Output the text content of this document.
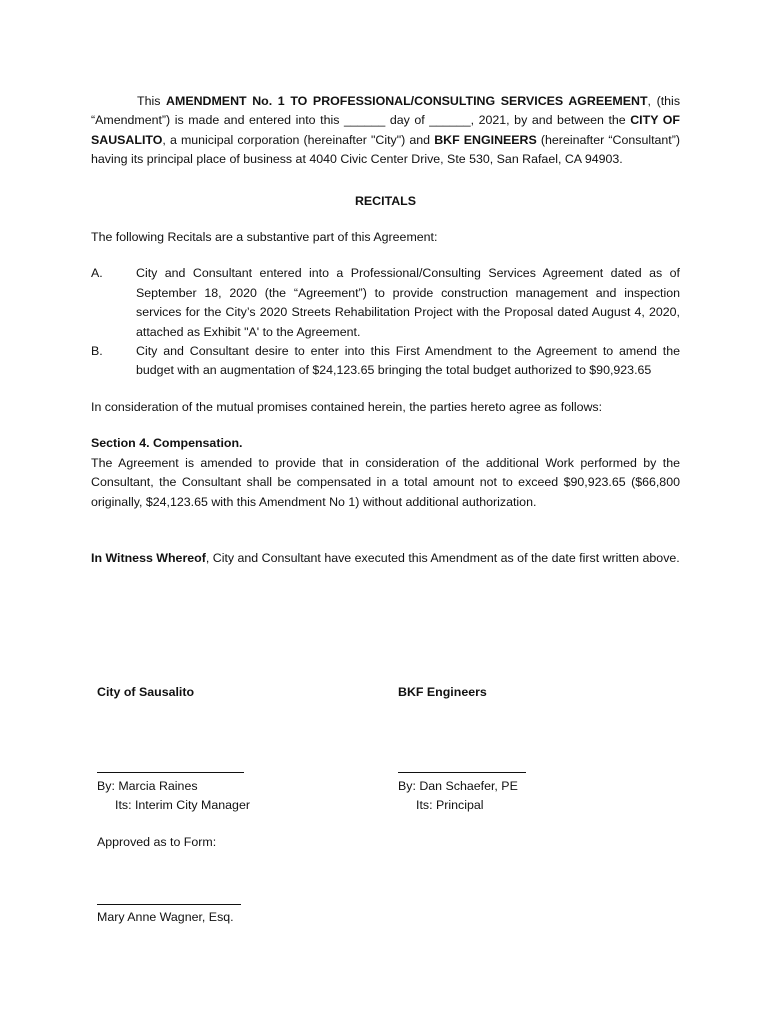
This AMENDMENT No. 1 TO PROFESSIONAL/CONSULTING SERVICES AGREEMENT, (this “Amendment”) is made and entered into this ______ day of ______, 2021, by and between the CITY OF SAUSALITO, a municipal corporation (hereinafter "City") and BKF ENGINEERS (hereinafter “Consultant”) having its principal place of business at 4040 Civic Center Drive, Ste 530, San Rafael, CA 94903.

RECITALS

The following Recitals are a substantive part of this Agreement:

A.	City and Consultant entered into a Professional/Consulting Services Agreement dated as of September 18, 2020 (the “Agreement”) to provide construction management and inspection services for the City’s 2020 Streets Rehabilitation Project with the Proposal dated August 4, 2020, attached as Exhibit "A' to the Agreement.
B.	City and Consultant desire to enter into this First Amendment to the Agreement to amend the budget with an augmentation of $24,123.65 bringing the total budget authorized to $90,923.65

In consideration of the mutual promises contained herein, the parties hereto agree as follows:

Section 4. Compensation.

The Agreement is amended to provide that in consideration of the additional Work performed by the Consultant, the Consultant shall be compensated in a total amount not to exceed $90,923.65 ($66,800 originally, $24,123.65 with this Amendment No 1) without additional authorization.

In Witness Whereof, City and Consultant have executed this Amendment as of the date first written above.

City of Sausalito
By: Marcia Raines
Its: Interim City Manager
BKF Engineers
By: Dan Schaefer, PE
Its: Principal
Approved as to Form:
Mary Anne Wagner, Esq.
